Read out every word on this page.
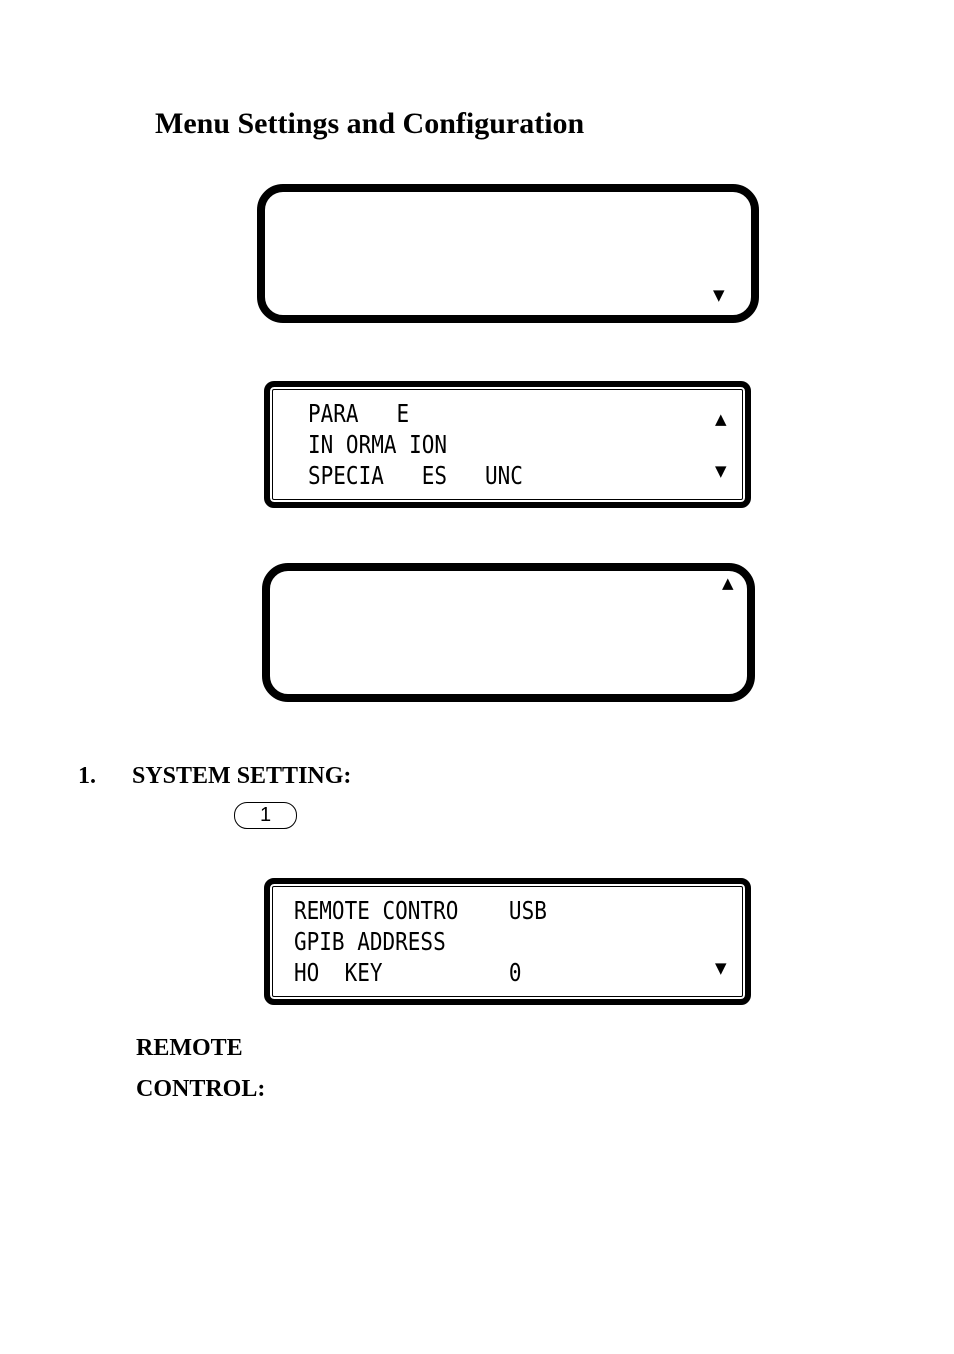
Menu Settings and Configuration
▼
PARA   E
IN ORMA ION
SPECIA   ES   UNC
▲
▼
▲
1. SYSTEM SETTING:
1
REMOTE CONTRO    USB
GPIB ADDRESS
HO  KEY          0	▼
REMOTE
CONTROL:
